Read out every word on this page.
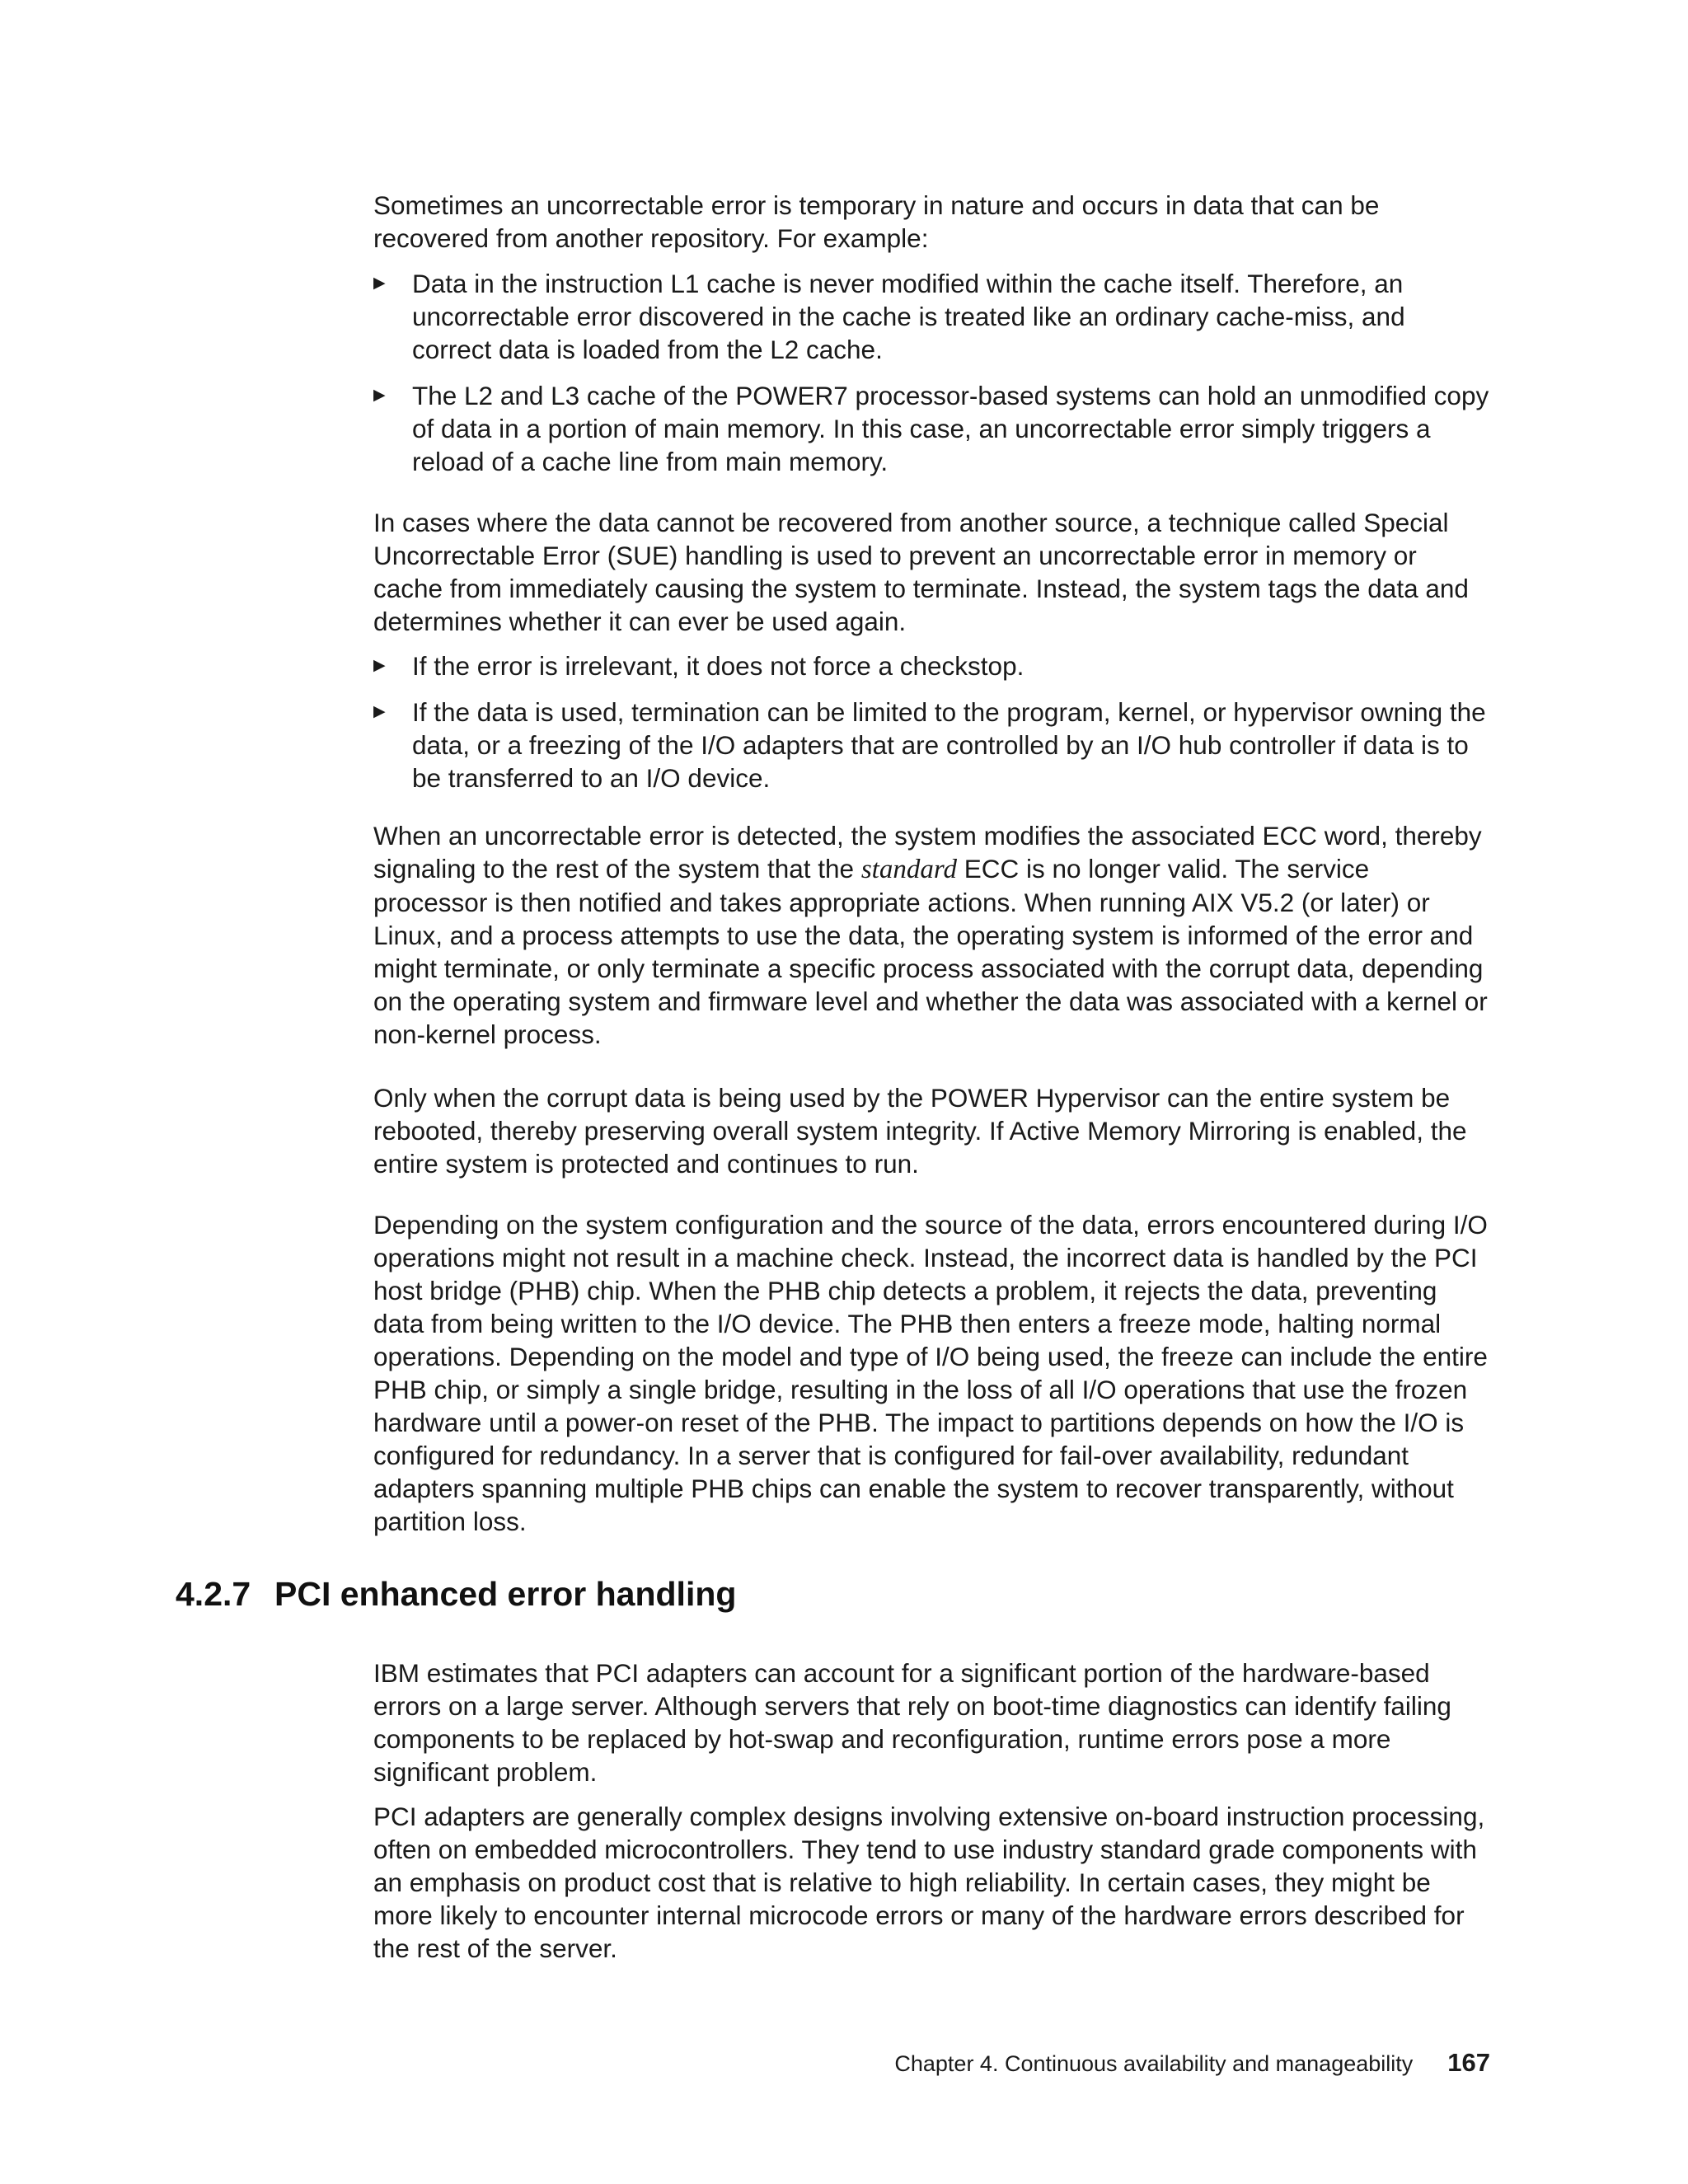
Sometimes an uncorrectable error is temporary in nature and occurs in data that can be recovered from another repository. For example:

▶ Data in the instruction L1 cache is never modified within the cache itself. Therefore, an uncorrectable error discovered in the cache is treated like an ordinary cache-miss, and correct data is loaded from the L2 cache.
▶ The L2 and L3 cache of the POWER7 processor-based systems can hold an unmodified copy of data in a portion of main memory. In this case, an uncorrectable error simply triggers a reload of a cache line from main memory.

In cases where the data cannot be recovered from another source, a technique called Special Uncorrectable Error (SUE) handling is used to prevent an uncorrectable error in memory or cache from immediately causing the system to terminate. Instead, the system tags the data and determines whether it can ever be used again.

▶ If the error is irrelevant, it does not force a checkstop.
▶ If the data is used, termination can be limited to the program, kernel, or hypervisor owning the data, or a freezing of the I/O adapters that are controlled by an I/O hub controller if data is to be transferred to an I/O device.

When an uncorrectable error is detected, the system modifies the associated ECC word, thereby signaling to the rest of the system that the standard ECC is no longer valid. The service processor is then notified and takes appropriate actions. When running AIX V5.2 (or later) or Linux, and a process attempts to use the data, the operating system is informed of the error and might terminate, or only terminate a specific process associated with the corrupt data, depending on the operating system and firmware level and whether the data was associated with a kernel or non-kernel process.

Only when the corrupt data is being used by the POWER Hypervisor can the entire system be rebooted, thereby preserving overall system integrity. If Active Memory Mirroring is enabled, the entire system is protected and continues to run.

Depending on the system configuration and the source of the data, errors encountered during I/O operations might not result in a machine check. Instead, the incorrect data is handled by the PCI host bridge (PHB) chip. When the PHB chip detects a problem, it rejects the data, preventing data from being written to the I/O device. The PHB then enters a freeze mode, halting normal operations. Depending on the model and type of I/O being used, the freeze can include the entire PHB chip, or simply a single bridge, resulting in the loss of all I/O operations that use the frozen hardware until a power-on reset of the PHB. The impact to partitions depends on how the I/O is configured for redundancy. In a server that is configured for fail-over availability, redundant adapters spanning multiple PHB chips can enable the system to recover transparently, without partition loss.

4.2.7 PCI enhanced error handling

IBM estimates that PCI adapters can account for a significant portion of the hardware-based errors on a large server. Although servers that rely on boot-time diagnostics can identify failing components to be replaced by hot-swap and reconfiguration, runtime errors pose a more significant problem.

PCI adapters are generally complex designs involving extensive on-board instruction processing, often on embedded microcontrollers. They tend to use industry standard grade components with an emphasis on product cost that is relative to high reliability. In certain cases, they might be more likely to encounter internal microcode errors or many of the hardware errors described for the rest of the server.

Chapter 4. Continuous availability and manageability 167
